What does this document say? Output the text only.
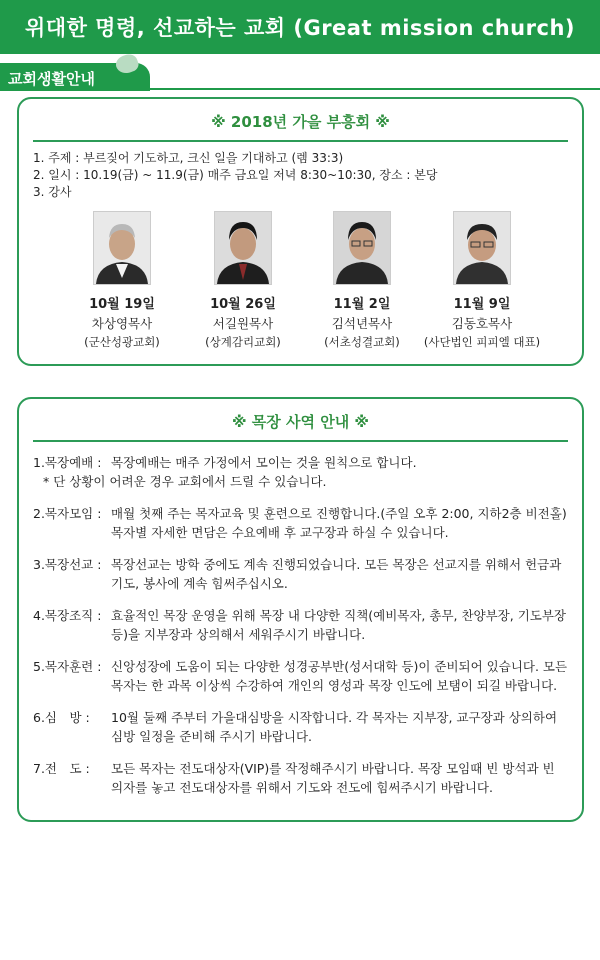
위대한 명령, 선교하는 교회 (Great mission church)
교회생활안내
※ 2018년 가을 부흥회 ※
1. 주제 : 부르짖어 기도하고, 크신 일을 기대하고 (렘 33:3)
2. 일시 : 10.19(금) ~ 11.9(금) 매주 금요일 저녁 8:30~10:30, 장소 : 본당
3. 강사
10월 19일
차상영목사
(군산성광교회)
10월 26일
서길원목사
(상계감리교회)
11월 2일
김석년목사
(서초성결교회)
11월 9일
김동호목사
(사단법인 피피엘 대표)
※ 목장 사역 안내 ※
1.목장예배 : 목장예배는 매주 가정에서 모이는 것을 원칙으로 합니다.
* 단 상황이 어려운 경우 교회에서 드릴 수 있습니다.
2.목자모임 : 매월 첫째 주는 목자교육 및 훈련으로 진행합니다.(주일 오후 2:00, 지하2층 비전홀) 목자별 자세한 면담은 수요예배 후 교구장과 하실 수 있습니다.
3.목장선교 : 목장선교는 방학 중에도 계속 진행되었습니다. 모든 목장은 선교지를 위해서 헌금과 기도, 봉사에 계속 힘써주십시오.
4.목장조직 : 효율적인 목장 운영을 위해 목장 내 다양한 직책(예비목자, 총무, 찬양부장, 기도부장 등)을 지부장과 상의해서 세워주시기 바랍니다.
5.목자훈련 : 신앙성장에 도움이 되는 다양한 성경공부반(성서대학 등)이 준비되어 있습니다. 모든 목자는 한 과목 이상씩 수강하여 개인의 영성과 목장 인도에 보탬이 되길 바랍니다.
6.심　방 : 10월 둘째 주부터 가을대심방을 시작합니다. 각 목자는 지부장, 교구장과 상의하여 심방 일정을 준비해 주시기 바랍니다.
7.전　도 : 모든 목자는 전도대상자(VIP)를 작정해주시기 바랍니다. 목장 모임때 빈 방석과 빈 의자를 놓고 전도대상자를 위해서 기도와 전도에 힘써주시기 바랍니다.
